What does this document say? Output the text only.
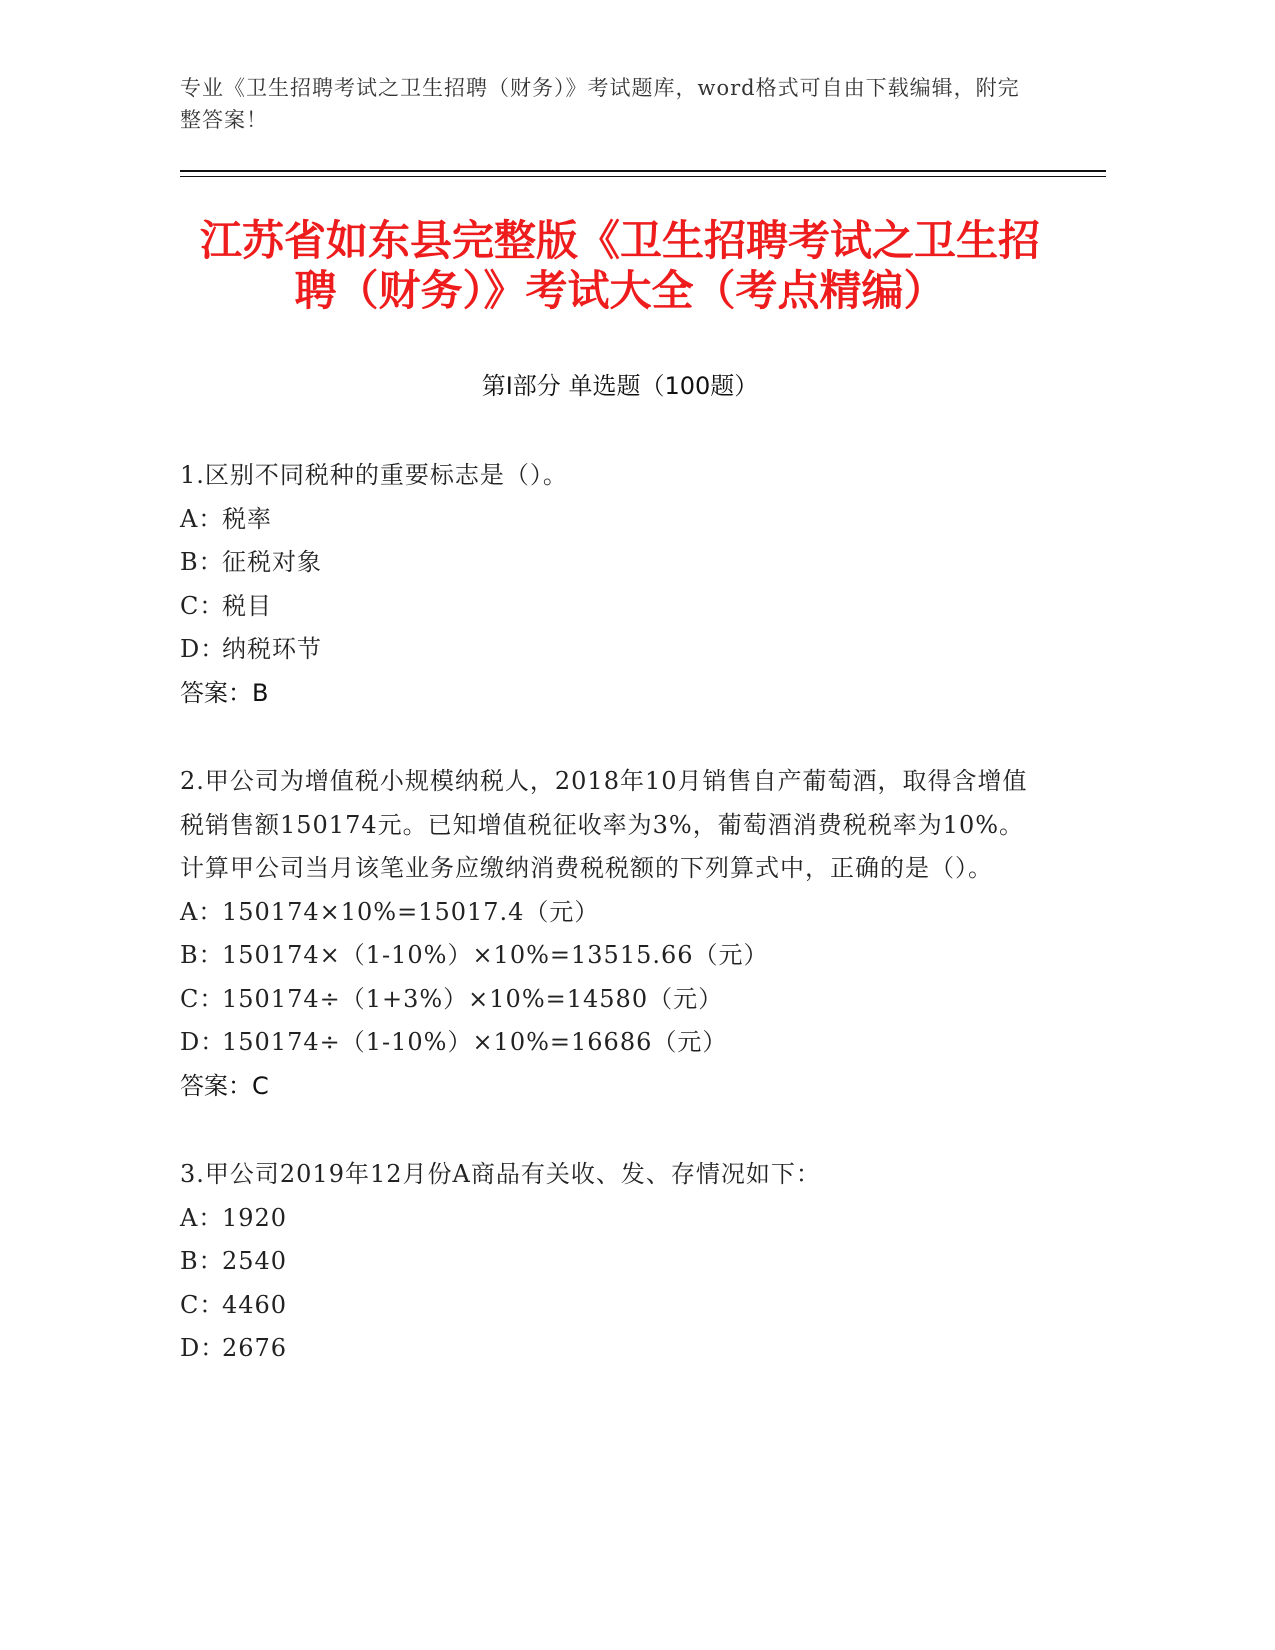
专业《卫生招聘考试之卫生招聘（财务）》考试题库，word格式可自由下载编辑，附完整答案！
江苏省如东县完整版《卫生招聘考试之卫生招聘（财务）》考试大全（考点精编）
第Ⅰ部分 单选题（100题）
1.区别不同税种的重要标志是（）。
A：税率
B：征税对象
C：税目
D：纳税环节
答案：B
2.甲公司为增值税小规模纳税人，2018年10月销售自产葡萄酒，取得含增值税销售额150174元。已知增值税征收率为3%，葡萄酒消费税税率为10%。计算甲公司当月该笔业务应缴纳消费税税额的下列算式中，正确的是（）。
A：150174×10%=15017.4（元）
B：150174×（1-10%）×10%=13515.66（元）
C：150174÷（1+3%）×10%=14580（元）
D：150174÷（1-10%）×10%=16686（元）
答案：C
3.甲公司2019年12月份A商品有关收、发、存情况如下：
A：1920
B：2540
C：4460
D：2676
